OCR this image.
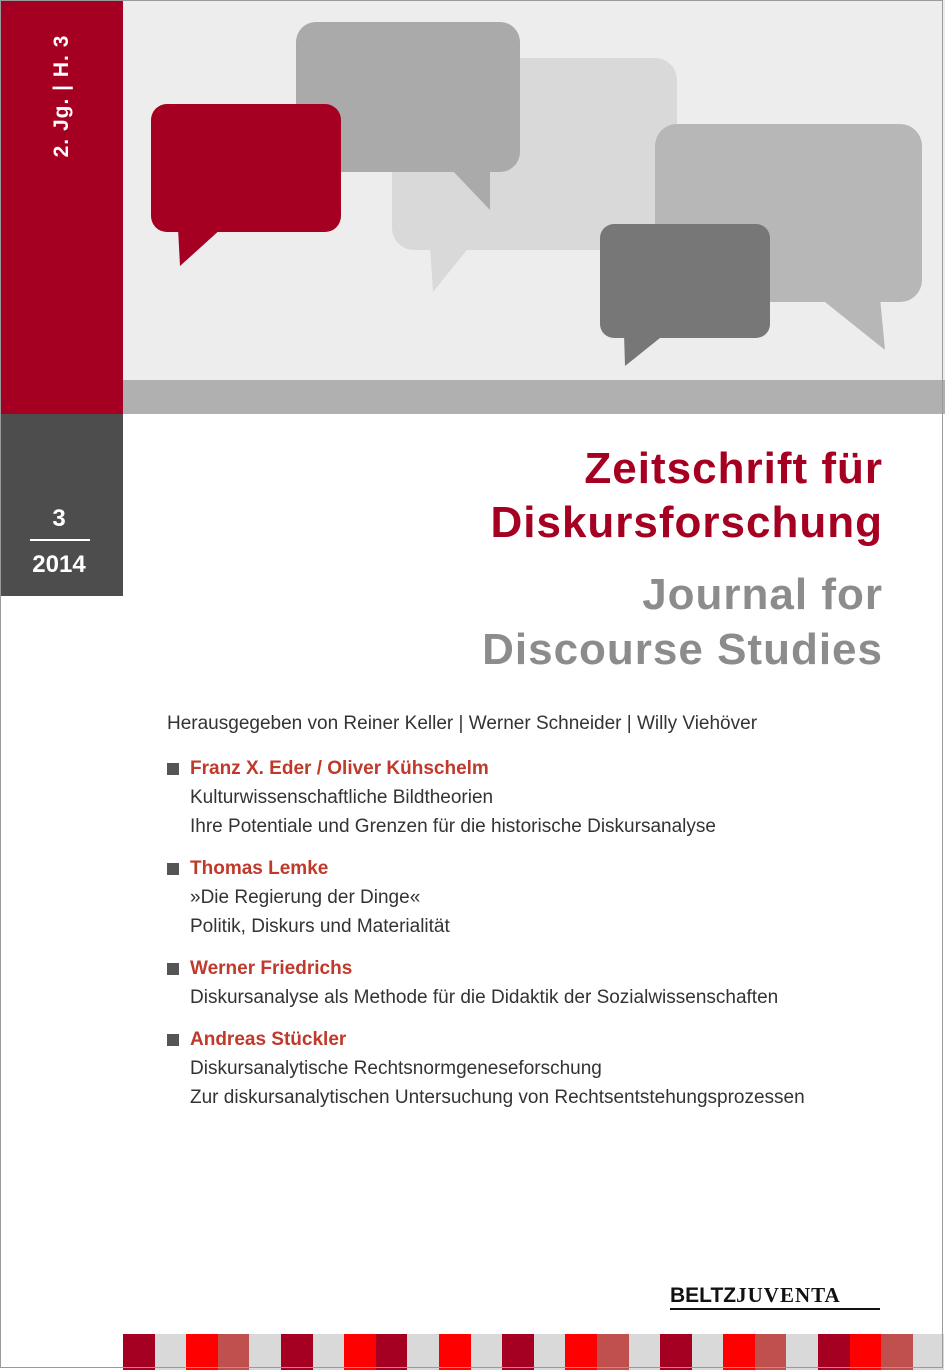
2. Jg. | H. 3
3
2014
Zeitschrift für
Diskursforschung
Journal for
Discourse Studies
Herausgegeben von Reiner Keller | Werner Schneider | Willy Viehöver
Franz X. Eder / Oliver Kühschelm
Kulturwissenschaftliche Bildtheorien
Ihre Potentiale und Grenzen für die historische Diskursanalyse
Thomas Lemke
»Die Regierung der Dinge«
Politik, Diskurs und Materialität
Werner Friedrichs
Diskursanalyse als Methode für die Didaktik der Sozialwissenschaften
Andreas Stückler
Diskursanalytische Rechtsnormgeneseforschung
Zur diskursanalytischen Untersuchung von Rechtsentstehungsprozessen
BELTZJUVENTA
